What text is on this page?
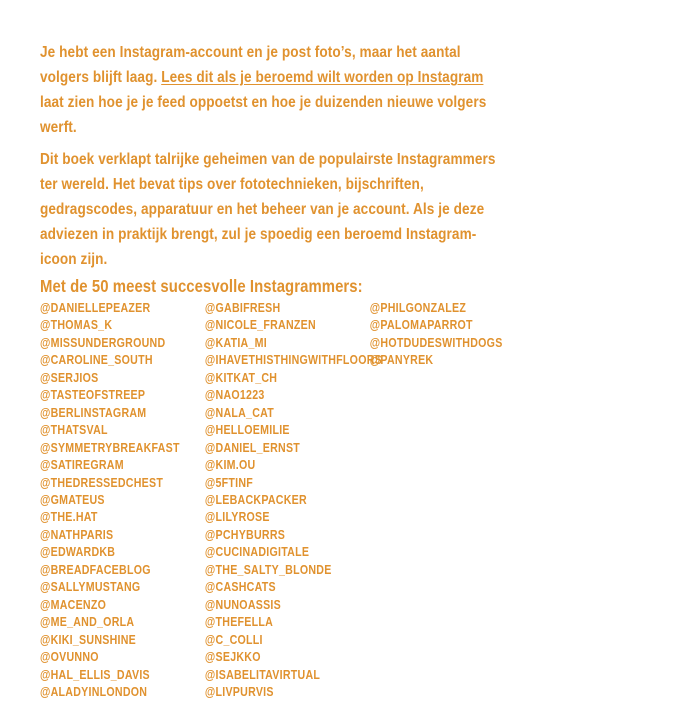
Je hebt een Instagram-account en je post foto’s, maar het aantal volgers blijft laag. Lees dit als je beroemd wilt worden op Instagram laat zien hoe je je feed oppoetst en hoe je duizenden nieuwe volgers werft.

Dit boek verklapt talrijke geheimen van de populairste Instagrammers ter wereld. Het bevat tips over fototechnieken, bijschriften, gedragscodes, apparatuur en het beheer van je account. Als je deze adviezen in praktijk brengt, zul je spoedig een beroemd Instagram-icoon zijn.

Met de 50 meest succesvolle Instagrammers:
@DANIELLEPEAZER
@THOMAS_K
@MISSUNDERGROUND
@CAROLINE_SOUTH
@SERJIOS
@TASTEOFSTREEP
@BERLINSTAGRAM
@THATSVAL
@SYMMETRYBREAKFAST
@SATIREGRAM
@THEDRESSEDCHEST
@GMATEUS
@THE.HAT
@NATHPARIS
@EDWARDKB
@BREADFACEBLOG
@SALLYMUSTANG
@MACENZO
@ME_AND_ORLA
@KIKI_SUNSHINE
@OVUNNO
@HAL_ELLIS_DAVIS
@ALADYINLONDON
@GABIFRESH
@NICOLE_FRANZEN
@KATIA_MI
@IHAVETHISTHINGWITHFLOORS
@KITKAT_CH
@NAO1223
@NALA_CAT
@HELLOEMILIE
@DANIEL_ERNST
@KIM.OU
@5FTINF
@LEBACKPACKER
@LILYROSE
@PCHYBURRS
@CUCINADIGITALE
@THE_SALTY_BLONDE
@CASHCATS
@NUNOASSIS
@THEFELLA
@C_COLLI
@SEJKKO
@ISABELITAVIRTUAL
@LIVPURVIS
@PHILGONZALEZ
@PALOMAPARROT
@HOTDUDESWITHDOGS
@PANYREK
